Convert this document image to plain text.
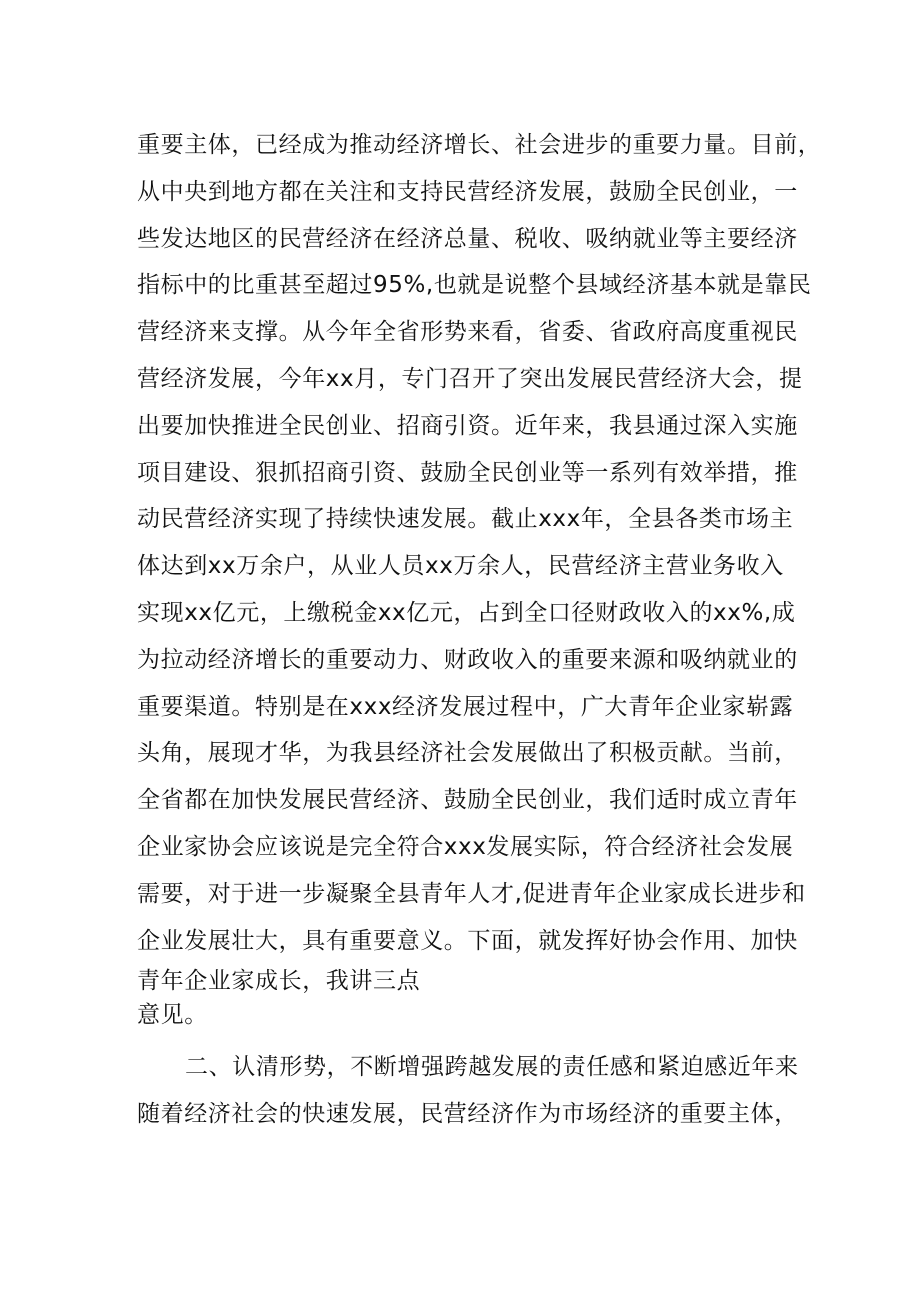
重要主体，已经成为推动经济增长、社会进步的重要力量。目前，
从中央到地方都在关注和支持民营经济发展，鼓励全民创业，一
些发达地区的民营经济在经济总量、税收、吸纳就业等主要经济
指标中的比重甚至超过95%,也就是说整个县域经济基本就是靠民
营经济来支撑。从今年全省形势来看，省委、省政府高度重视民
营经济发展，今年xx月，专门召开了突出发展民营经济大会，提
出要加快推进全民创业、招商引资。近年来，我县通过深入实施
项目建设、狠抓招商引资、鼓励全民创业等一系列有效举措，推
动民营经济实现了持续快速发展。截止xxx年，全县各类市场主
体达到xx万余户，从业人员xx万余人，民营经济主营业务收入
实现xx亿元，上缴税金xx亿元，占到全口径财政收入的xx%,成
为拉动经济增长的重要动力、财政收入的重要来源和吸纳就业的
重要渠道。特别是在xxx经济发展过程中，广大青年企业家崭露
头角，展现才华，为我县经济社会发展做出了积极贡献。当前，
全省都在加快发展民营经济、鼓励全民创业，我们适时成立青年
企业家协会应该说是完全符合xxx发展实际，符合经济社会发展
需要，对于进一步凝聚全县青年人才,促进青年企业家成长进步和
企业发展壮大，具有重要意义。下面，就发挥好协会作用、加快
青年企业家成长，我讲三点
意见。
二、认清形势，不断增强跨越发展的责任感和紧迫感近年来
随着经济社会的快速发展，民营经济作为市场经济的重要主体，
